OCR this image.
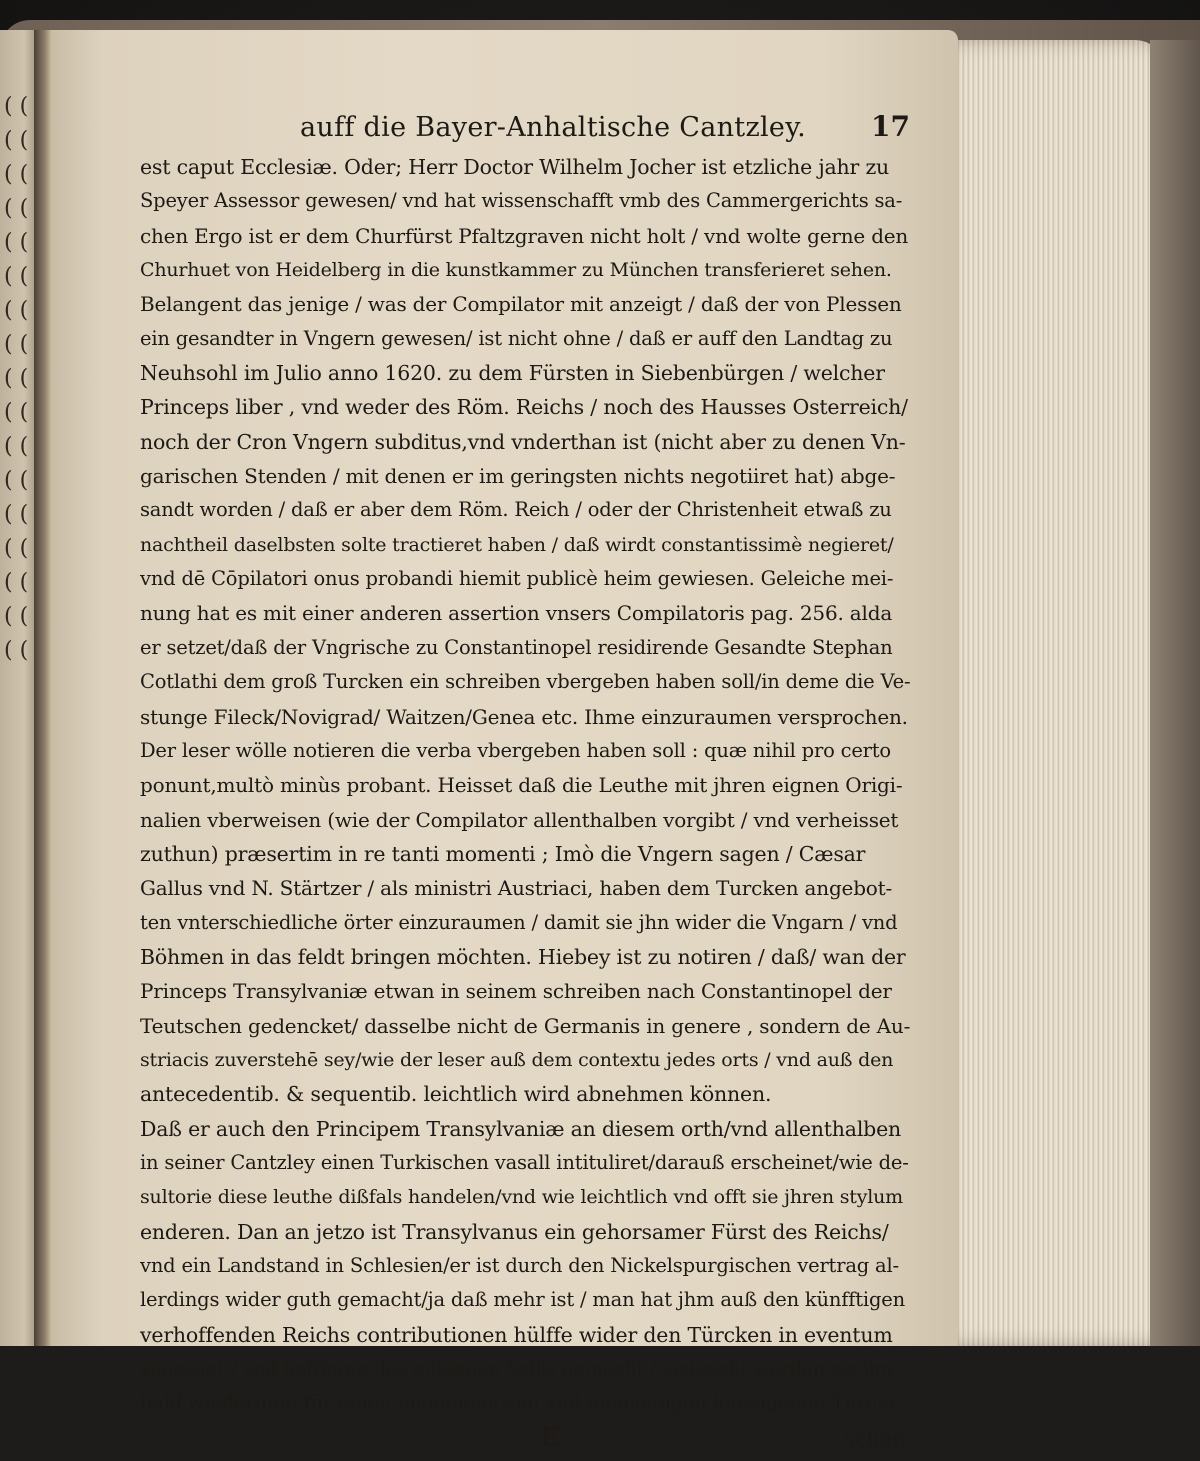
( ( ( ( ( ( ( ( ( ( ( ( ( ( ( ( ( ( ( ( ( ( ( ( ( ( ( ( ( ( ( ( ( (
auff die Bayer-Anhaltische Cantzley. 17
est caput Ecclesiæ. Oder; Herr Doctor Wilhelm Jocher ist etzliche jahr zu
Speyer Assessor gewesen/ vnd hat wissenschafft vmb des Cammergerichts sa-
chen Ergo ist er dem Churfürst Pfaltzgraven nicht holt / vnd wolte gerne den
Churhuet von Heidelberg in die kunstkammer zu München transferieret sehen.
Belangent das jenige / was der Compilator mit anzeigt / daß der von Plessen
ein gesandter in Vngern gewesen/ ist nicht ohne / daß er auff den Landtag zu
Neuhsohl im Julio anno 1620. zu dem Fürsten in Siebenbürgen / welcher
Princeps liber , vnd weder des Röm. Reichs / noch des Hausses Osterreich/
noch der Cron Vngern subditus,vnd vnderthan ist (nicht aber zu denen Vn-
garischen Stenden / mit denen er im geringsten nichts negotiiret hat) abge-
sandt worden / daß er aber dem Röm. Reich / oder der Christenheit etwaß zu
nachtheil daselbsten solte tractieret haben / daß wirdt constantissimè negieret/
vnd dē Cōpilatori onus probandi hiemit publicè heim gewiesen. Geleiche mei-
nung hat es mit einer anderen assertion vnsers Compilatoris pag. 256. alda
er setzet/daß der Vngrische zu Constantinopel residirende Gesandte Stephan
Cotlathi dem groß Turcken ein schreiben vbergeben haben soll/in deme die Ve-
stunge Fileck/Novigrad/ Waitzen/Genea etc. Ihme einzuraumen versprochen.
Der leser wölle notieren die verba vbergeben haben soll : quæ nihil pro certo
ponunt,multò minùs probant. Heisset daß die Leuthe mit jhren eignen Origi-
nalien vberweisen (wie der Compilator allenthalben vorgibt / vnd verheisset
zuthun) præsertim in re tanti momenti ; Imò die Vngern sagen / Cæsar
Gallus vnd N. Stärtzer / als ministri Austriaci, haben dem Turcken angebot-
ten vnterschiedliche örter einzuraumen / damit sie jhn wider die Vngarn / vnd
Böhmen in das feldt bringen möchten. Hiebey ist zu notiren / daß/ wan der
Princeps Transylvaniæ etwan in seinem schreiben nach Constantinopel der
Teutschen gedencket/ dasselbe nicht de Germanis in genere , sondern de Au-
striacis zuverstehē sey/wie der leser auß dem contextu jedes orts / vnd auß den
antecedentib. & sequentib. leichtlich wird abnehmen können.
Daß er auch den Principem Transylvaniæ an diesem orth/vnd allenthalben
in seiner Cantzley einen Turkischen vasall intituliret/darauß erscheinet/wie de-
sultorie diese leuthe dißfals handelen/vnd wie leichtlich vnd offt sie jhren stylum
enderen. Dan an jetzo ist Transylvanus ein gehorsamer Fürst des Reichs/
vnd ein Landstand in Schlesien/er ist durch den Nickelspurgischen vertrag al-
lerdings wider guth gemacht/ja daß mehr ist / man hat jhm auß den künfftigen
verhoffenden Reichs contributionen hülffe wider den Türcken in eventum
zugesagt / vnd hoffnung des guldenen Vellis gemacht / vielleicht werden sie jhn
bald wiederumb für einen mammelucken vnd meineidigen leibeigenen Turcki-
E	schen
